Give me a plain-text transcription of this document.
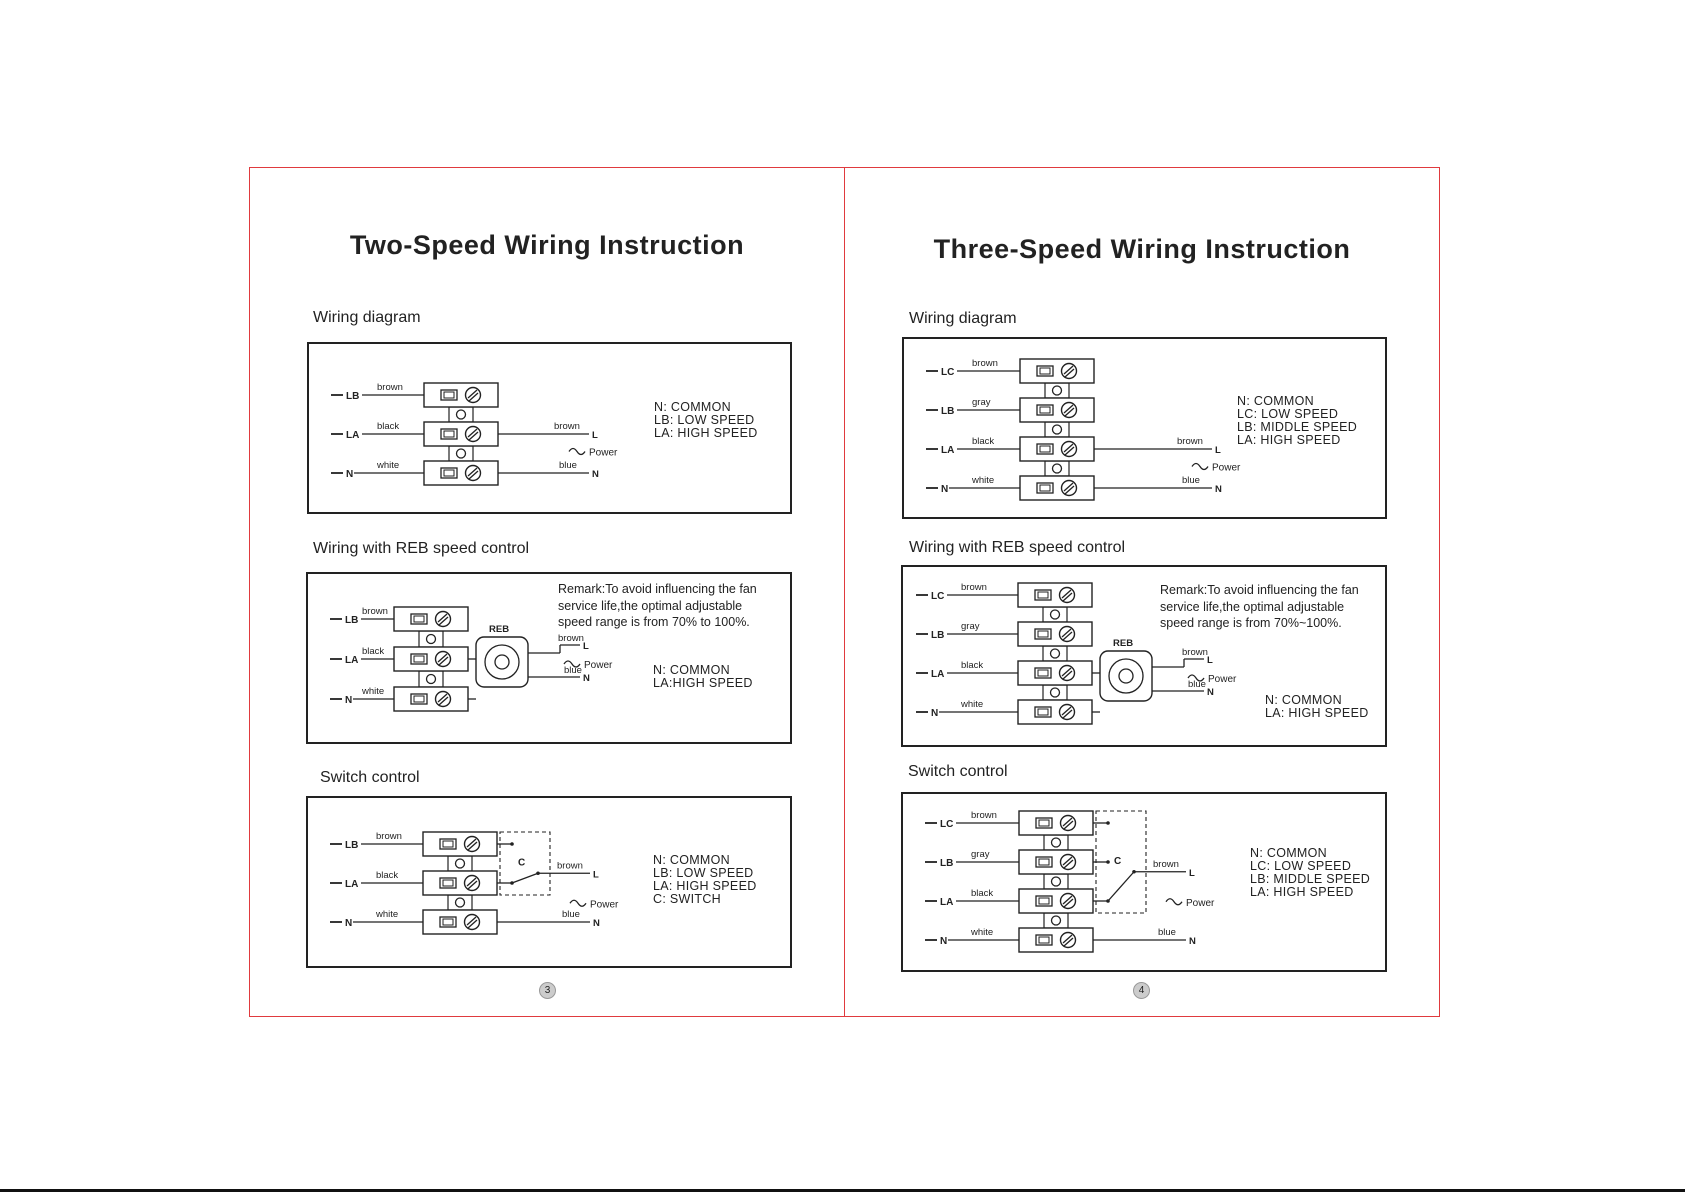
Two-Speed Wiring Instruction
Wiring diagram
N: COMMON
LB: LOW SPEED
LA: HIGH SPEED
LB
brown
LA
black
N
white
brown
blue
L
N
Power
Wiring with REB speed control
Remark:To avoid influencing the fan
service life,the optimal adjustable
speed range is from 70% to 100%.
N: COMMON
LA:HIGH SPEED
LB
brown
LA
black
N
white
REB
brown
blue
L
N
Power
Switch control
N: COMMON
LB: LOW SPEED
LA: HIGH SPEED
C: SWITCH
LB
brown
LA
black
N
white
C	brown
blue
L
N
Power
3
Three-Speed Wiring Instruction
Wiring diagram
N: COMMON
LC: LOW SPEED
LB: MIDDLE SPEED
LA: HIGH SPEED
LC
brown
LB
gray
LA
black
N
white
brown
blue
L
N
Power
Wiring with REB speed control
Remark:To avoid influencing the fan
service life,the optimal adjustable
speed range is from 70%~100%.
N: COMMON
LA: HIGH SPEED
LC
brown
LB
gray
LA
black
N
white
REB
brown
blue
L
N
Power
Switch control
N: COMMON
LC: LOW SPEED
LB: MIDDLE SPEED
LA: HIGH SPEED
LC
brown
LB
gray
LA
black
N
white
C	brown
blue
L
N
Power
4
